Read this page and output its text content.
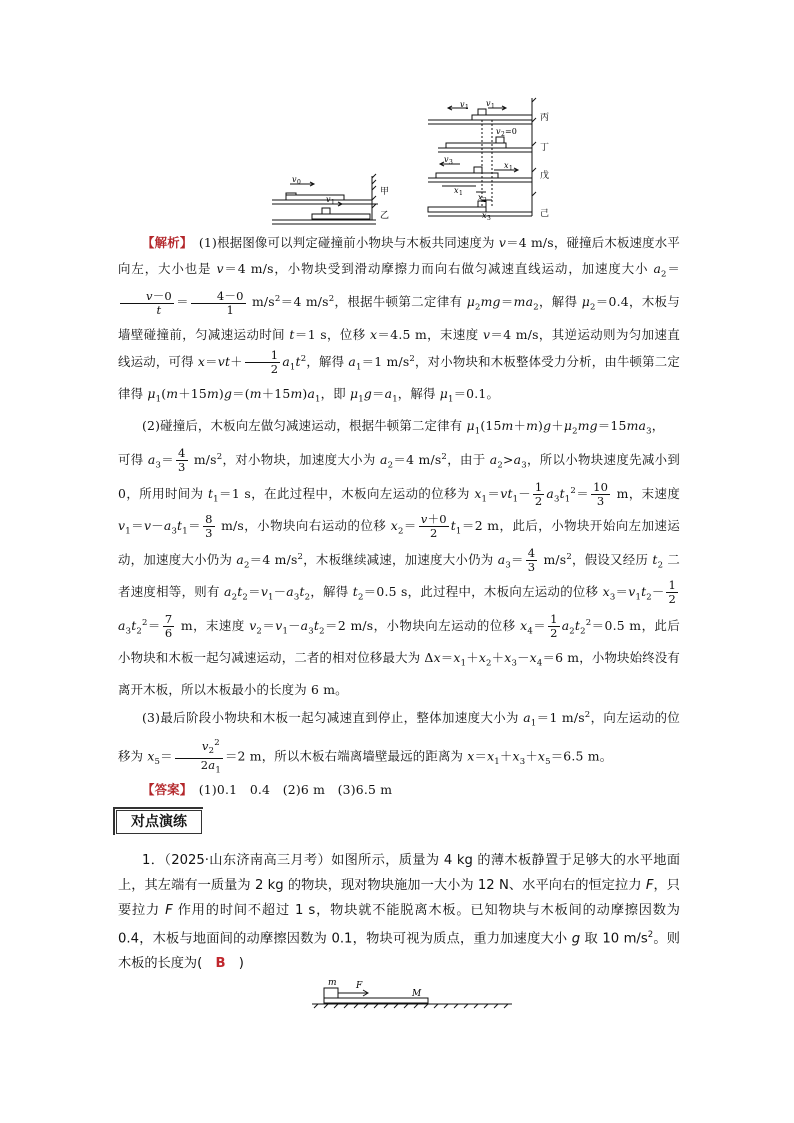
v 0
v 1
甲
乙
v 1 v 1
丙
v 2 =0
丁
v 3	x 1
戊
x 1 x 2
x 3	己

【解析】　(1)根据图像可以判定碰撞前小物块与木板共同速度为 v＝4 m/s，碰撞后木板速度水平向左，大小也是 v＝4 m/s，小物块受到滑动摩擦力而向右做匀减速直线运动，加速度大小 $a_2=$
$\frac{v-0}{t} = \frac{4-0}{1} m/s^2=4$ $m/s^2$，根据牛顿第二定律有 $\mu_2mg=ma_2$，解得 $\mu_2=0.4$，木板与墙壁碰撞前，匀减速运动时间 t＝1 s，位移 x＝4.5 m，末速度 v＝4 m/s，其逆运动则为匀加速直线运动，可得 $x=vt+ \frac{1}{2} a_1t^2$，解得 $a_1=1$ $m/s^2$，对小物块和木板整体受力分析，由牛顿第二定律得 $\mu_1(m+15m)g=(m+15m)a_1$，即 $\mu_1g=a_1$，解得 $\mu_1=0.1$。

(2)碰撞后，木板向左做匀减速运动，根据牛顿第二定律有 $\mu_1(15m+m)g+\mu_2mg=15ma_3$，

可得 $a_3= \frac{4}{3} m/s^2$，对小物块，加速度大小为 $a_2=4$ $m/s^2$，由于 $a_2>a_3$，所以小物块速度先减小到 0，所用时间为 $t_1=1$ s，在此过程中，木板向左运动的位移为 $x_1=vt_1- \frac{1}{2} a_3t_1^2= \frac{10}{3}$ m，末速度 $v_1=v-a_3t_1= \frac{8}{3} m/s$，小物块向右运动的位移 $x_2= \frac{v+0}{2} t_1=2$ m，此后，小物块开始向左加速运动，加速度大小仍为 $a_2=4$ $m/s^2$，木板继续减速，加速度大小仍为 $a_3= \frac{4}{3} m/s^2$，假设又经历 $t_2$ 二者速度相等，则有 $a_2t_2=v_1-a_3t_2$，解得 $t_2=0.5$ s，此过程中，木板向左运动的位移 $x_3=v_1t_2- \frac{1}{2}$
$a_3t_2^2= \frac{7}{6}$ m，末速度 $v_2=v_1-a_3t_2=2$ m/s，小物块向左运动的位移 $x_4= \frac{1}{2} a_2t_2^2=0.5$ m，此后小物块和木板一起匀减速运动，二者的相对位移最大为 $\Delta x=x_1+x_2+x_3-x_4=6$ m，小物块始终没有离开木板，所以木板最小的长度为 6 m。

(3)最后阶段小物块和木板一起匀减速直到停止，整体加速度大小为 $a_1=1$ $m/s^2$，向左运动的位移为 $x_5= \frac{v_2^2}{2a_1} =2$ m，所以木板右端离墙壁最远的距离为 $x=x_1+x_3+x_5=6.5$ m。

【答案】　 (1)0.1　0.4　(2)6 m　(3)6.5 m

对点演练

1．（2025·山东济南高三月考）如图所示，质量为 4 kg 的薄木板静置于足够大的水平地面上，其左端有一质量为 2 kg 的物块，现对物块施加一大小为 12 N、水平向右的恒定拉力 F，只要拉力 F 作用的时间不超过 1 s，物块就不能脱离木板。已知物块与木板间的动摩擦因数为 0.4，木板与地面间的动摩擦因数为 0.1，物块可视为质点，重力加速度大小 g 取 10 $m/s^2$。则木板的长度为(　B　)

m F
M
